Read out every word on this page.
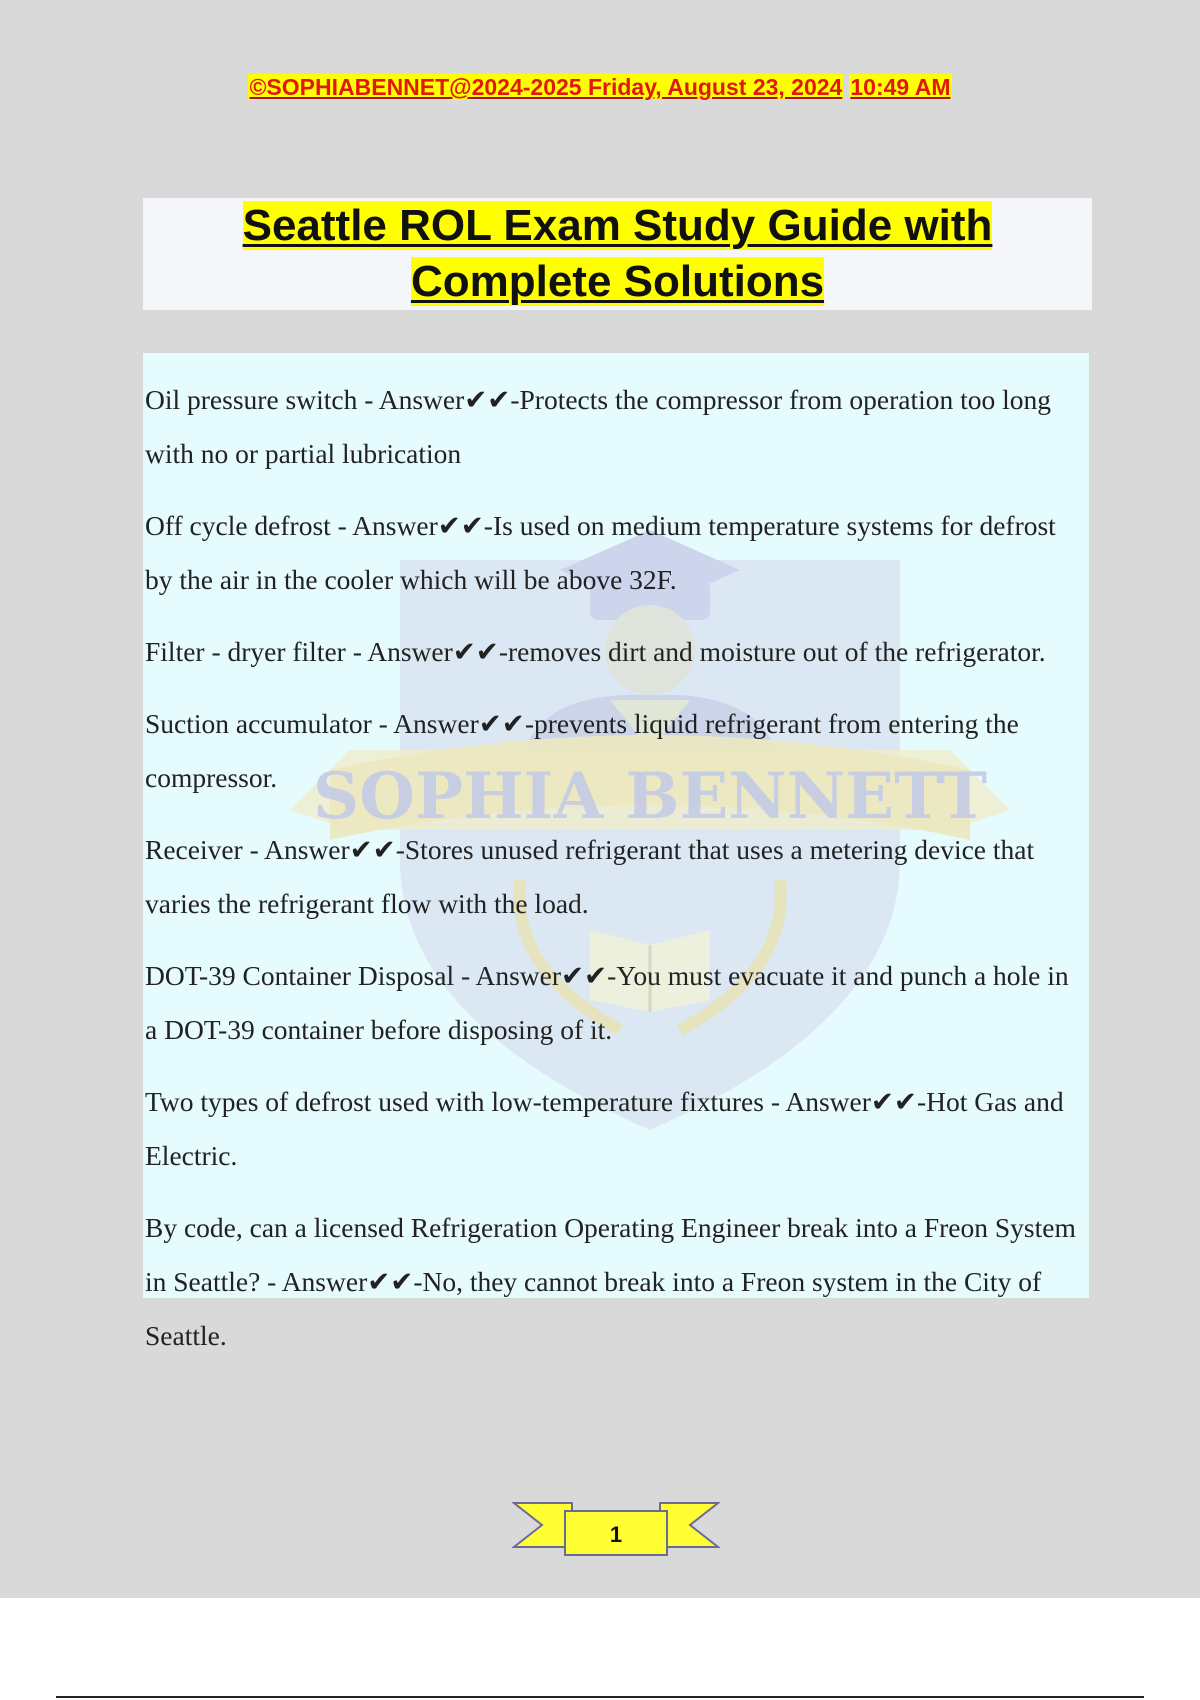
©SOPHIABENNET@2024-2025 Friday, August 23, 2024 10:49 AM
Seattle ROL Exam Study Guide with
Complete Solutions
SOPHIA BENNETT
Oil pressure switch - Answer✔✔-Protects the compressor from operation too long with no or partial lubrication
Off cycle defrost - Answer✔✔-Is used on medium temperature systems for defrost by the air in the cooler which will be above 32F.
Filter - dryer filter - Answer✔✔-removes dirt and moisture out of the refrigerator.
Suction accumulator - Answer✔✔-prevents liquid refrigerant from entering the compressor.
Receiver - Answer✔✔-Stores unused refrigerant that uses a metering device that varies the refrigerant flow with the load.
DOT-39 Container Disposal - Answer✔✔-You must evacuate it and punch a hole in a DOT-39 container before disposing of it.
Two types of defrost used with low-temperature fixtures - Answer✔✔-Hot Gas and Electric.
By code, can a licensed Refrigeration Operating Engineer break into a Freon System in Seattle? - Answer✔✔-No, they cannot break into a Freon system in the City of Seattle.
1
